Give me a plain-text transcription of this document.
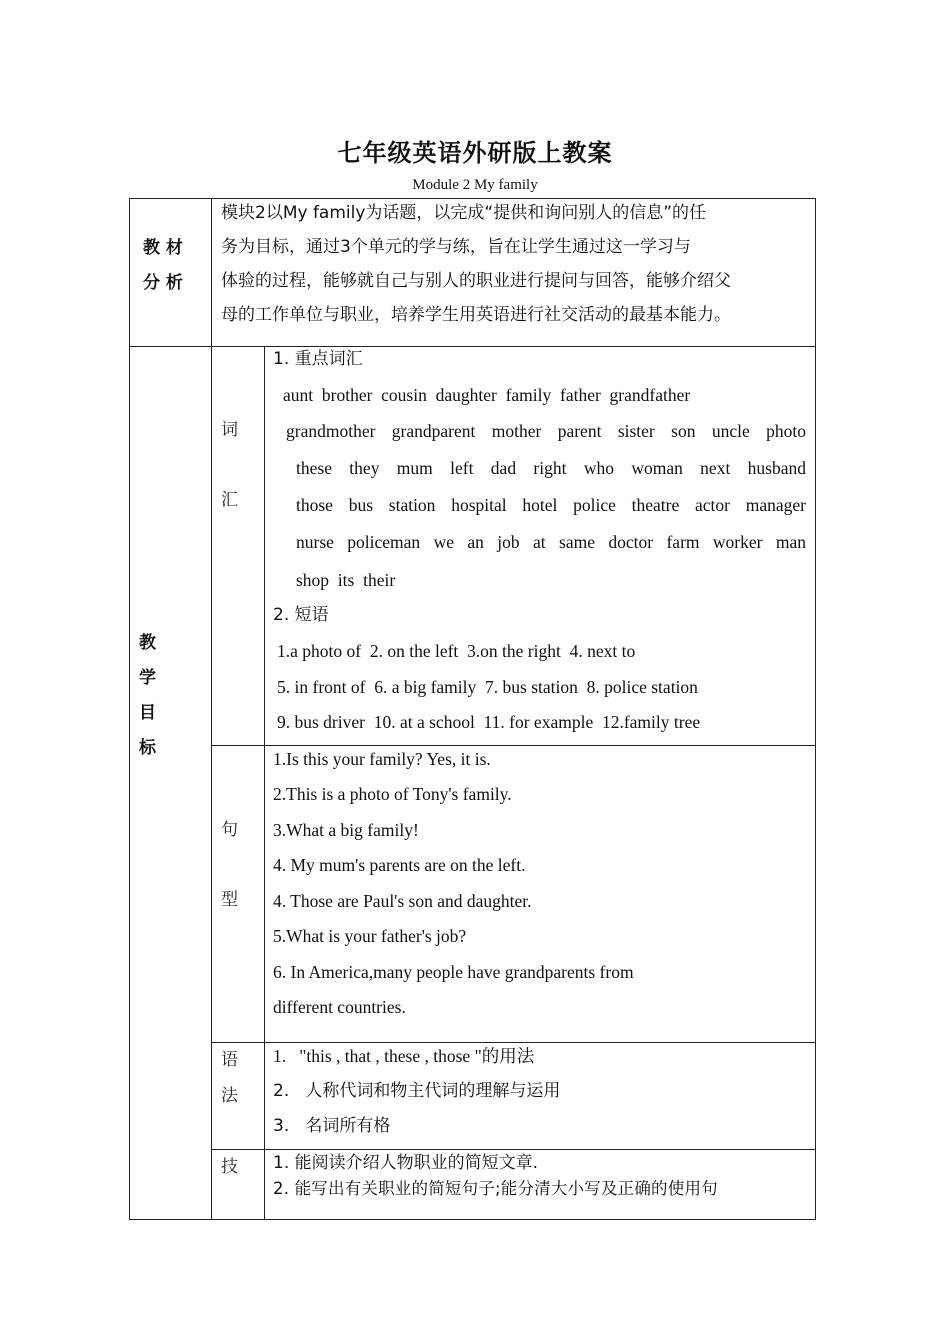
七年级英语外研版上教案
Module 2 My family
教 材
分 析
模块2以My family为话题，以完成“提供和询问别人的信息”的任
务为目标，通过3个单元的学与练，旨在让学生通过这一学习与
体验的过程，能够就自己与别人的职业进行提问与回答，能够介绍父
母的工作单位与职业，培养学生用英语进行社交活动的最基本能力。
教
学
目
标
词
汇
1. 重点词汇
aunt  brother  cousin  daughter  family  father  grandfather
grandmother grandparent mother parent sister son uncle photo
these they mum left dad right who woman next husband
those bus station hospital hotel police theatre actor manager
nurse policeman we an job at same doctor farm worker man
shop  its  their
2. 短语
1.a photo of  2. on the left  3.on the right  4. next to
5. in front of  6. a big family  7. bus station  8. police station
9. bus driver  10. at a school  11. for example  12.family tree
句
型
1.Is this your family? Yes, it is.
2.This is a photo of Tony's family.
3.What a big family!
4. My mum's parents are on the left.
4. Those are Paul's son and daughter.
5.What is your father's job?
6. In America,many people have grandparents from
different countries.
语
法
1.   "this , that , these , those "的用法
2.   人称代词和物主代词的理解与运用
3.   名词所有格
技 1. 能阅读介绍人物职业的简短文章.
2. 能写出有关职业的简短句子;能分清大小写及正确的使用句
